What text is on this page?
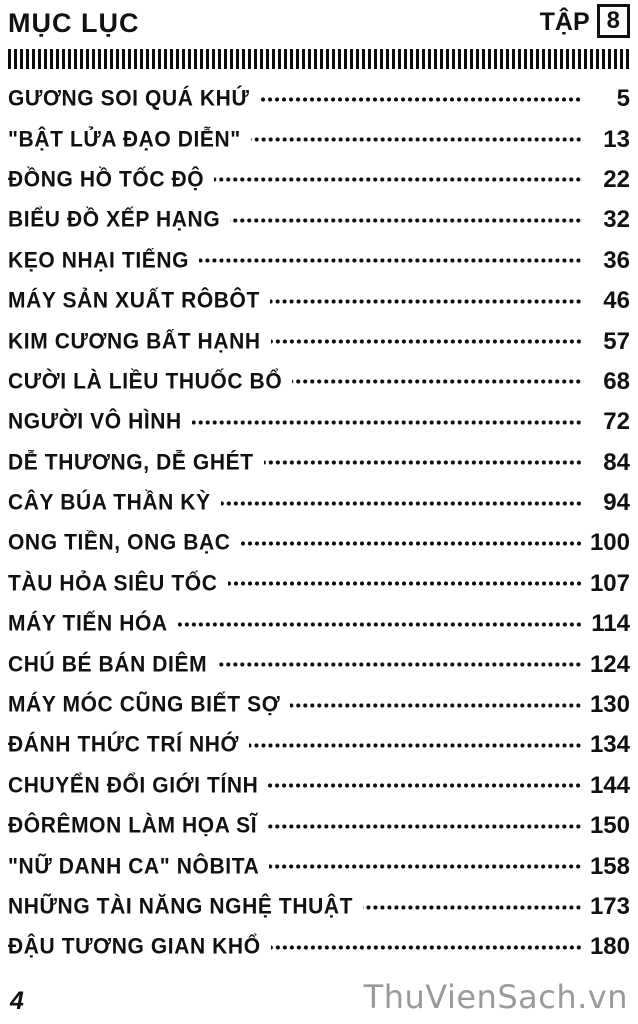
MỤC LỤC	TẬP 8
GƯƠNG SOI QUÁ KHỨ	5
"BẬT LỬA ĐẠO DIỄN"	13
ĐỒNG HỒ TỐC ĐỘ	22
BIỂU ĐỒ XẾP HẠNG	32
KẸO NHẠI TIẾNG	36
MÁY SẢN XUẤT RÔBÔT	46
KIM CƯƠNG BẤT HẠNH	57
CƯỜI LÀ LIỀU THUỐC BỔ	68
NGƯỜI VÔ HÌNH	72
DỄ THƯƠNG, DỄ GHÉT	84
CÂY BÚA THẦN KỲ	94
ONG TIỀN, ONG BẠC	100
TÀU HỎA SIÊU TỐC	107
MÁY TIẾN HÓA	114
CHÚ BÉ BÁN DIÊM	124
MÁY MÓC CŨNG BIẾT SỢ	130
ĐÁNH THỨC TRÍ NHỚ	134
CHUYỂN ĐỔI GIỚI TÍNH	144
ĐÔRÊMON LÀM HỌA SĨ	150
"NỮ DANH CA" NÔBITA	158
NHỮNG TÀI NĂNG NGHỆ THUẬT	173
ĐẬU TƯƠNG GIAN KHỔ	180
4	ThuVienSach.vn
